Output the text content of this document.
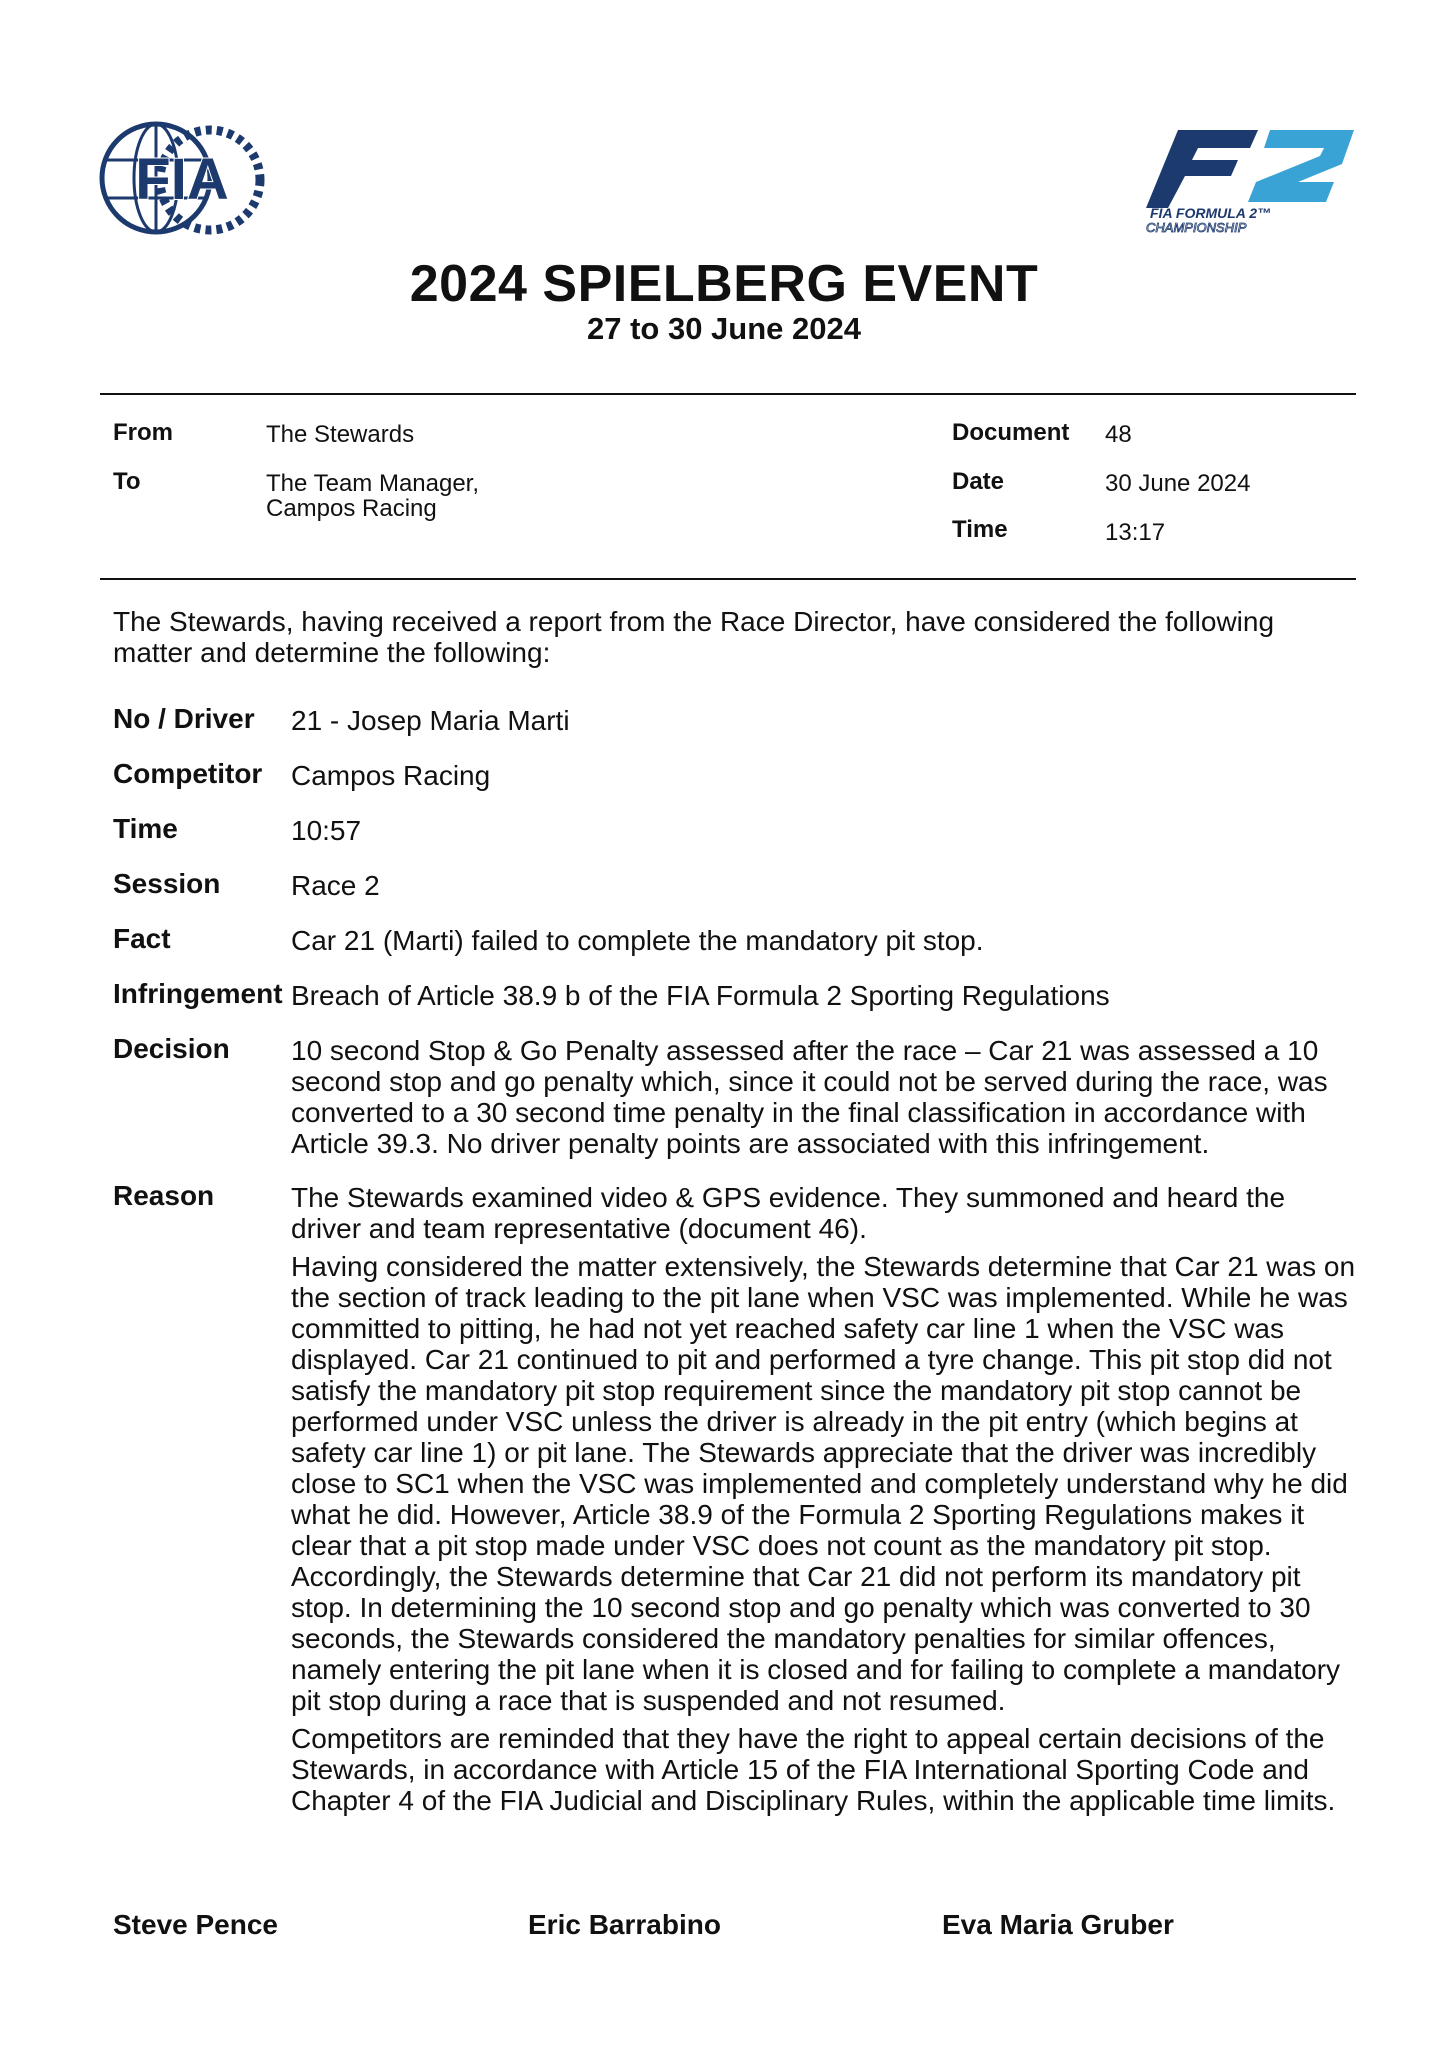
FIA
FIA FORMULA 2™
CHAMPIONSHIP
2024 SPIELBERG EVENT
27 to 30 June 2024
From	The Stewards
To	The Team Manager,
Campos Racing
Document 48
Date	30 June 2024
Time	13:17
The Stewards, having received a report from the Race Director, have considered the following matter and determine the following:
No / Driver 21 - Josep Maria Marti
Competitor Campos Racing
Time	10:57
Session	Race 2
Fact	Car 21 (Marti) failed to complete the mandatory pit stop.
Infringement Breach of Article 38.9 b of the FIA Formula 2 Sporting Regulations
Decision 10 second Stop & Go Penalty assessed after the race – Car 21 was assessed a 10 second stop and go penalty which, since it could not be served during the race, was converted to a 30 second time penalty in the final classification in accordance with Article 39.3. No driver penalty points are associated with this infringement.
Reason	The Stewards examined video & GPS evidence. They summoned and heard the driver and team representative (document 46).

Having considered the matter extensively, the Stewards determine that Car 21 was on the section of track leading to the pit lane when VSC was implemented. While he was committed to pitting, he had not yet reached safety car line 1 when the VSC was displayed. Car 21 continued to pit and performed a tyre change. This pit stop did not satisfy the mandatory pit stop requirement since the mandatory pit stop cannot be performed under VSC unless the driver is already in the pit entry (which begins at safety car line 1) or pit lane. The Stewards appreciate that the driver was incredibly close to SC1 when the VSC was implemented and completely understand why he did what he did. However, Article 38.9 of the Formula 2 Sporting Regulations makes it clear that a pit stop made under VSC does not count as the mandatory pit stop. Accordingly, the Stewards determine that Car 21 did not perform its mandatory pit stop. In determining the 10 second stop and go penalty which was converted to 30 seconds, the Stewards considered the mandatory penalties for similar offences, namely entering the pit lane when it is closed and for failing to complete a mandatory pit stop during a race that is suspended and not resumed.

Competitors are reminded that they have the right to appeal certain decisions of the Stewards, in accordance with Article 15 of the FIA International Sporting Code and Chapter 4 of the FIA Judicial and Disciplinary Rules, within the applicable time limits.

Steve Pence	Eric Barrabino	Eva Maria Gruber
